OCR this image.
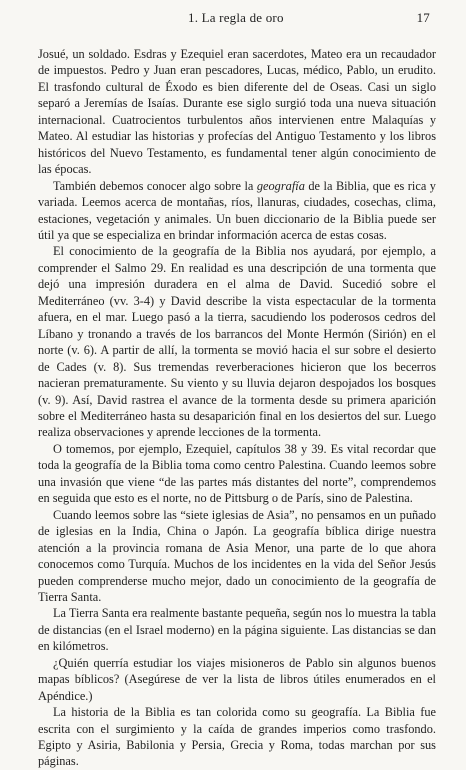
1. La regla de oro	17

Josué, un soldado. Esdras y Ezequiel eran sacerdotes, Mateo era un recaudador de impuestos. Pedro y Juan eran pescadores, Lucas, médico, Pablo, un erudito. El trasfondo cultural de Éxodo es bien diferente del de Oseas. Casi un siglo separó a Jeremías de Isaías. Durante ese siglo surgió toda una nueva situación internacional. Cuatrocientos turbulentos años intervienen entre Malaquías y Mateo. Al estudiar las historias y profecías del Antiguo Testamento y los libros históricos del Nuevo Testamento, es fundamental tener algún conocimiento de las épocas.

También debemos conocer algo sobre la geografía de la Biblia, que es rica y variada. Leemos acerca de montañas, ríos, llanuras, ciudades, cosechas, clima, estaciones, vegetación y animales. Un buen diccionario de la Biblia puede ser útil ya que se especializa en brindar información acerca de estas cosas.

El conocimiento de la geografía de la Biblia nos ayudará, por ejemplo, a comprender el Salmo 29. En realidad es una descripción de una tormenta que dejó una impresión duradera en el alma de David. Sucedió sobre el Mediterráneo (vv. 3-4) y David describe la vista espectacular de la tormenta afuera, en el mar. Luego pasó a la tierra, sacudiendo los poderosos cedros del Líbano y tronando a través de los barrancos del Monte Hermón (Sirión) en el norte (v. 6). A partir de allí, la tormenta se movió hacia el sur sobre el desierto de Cades (v. 8). Sus tremendas reverberaciones hicieron que los becerros nacieran prematuramente. Su viento y su lluvia dejaron despojados los bosques (v. 9). Así, David rastrea el avance de la tormenta desde su primera aparición sobre el Mediterráneo hasta su desaparición final en los desiertos del sur. Luego realiza observaciones y aprende lecciones de la tormenta.

O tomemos, por ejemplo, Ezequiel, capítulos 38 y 39. Es vital recordar que toda la geografía de la Biblia toma como centro Palestina. Cuando leemos sobre una invasión que viene “de las partes más distantes del norte”, comprendemos en seguida que esto es el norte, no de Pittsburg o de París, sino de Palestina.

Cuando leemos sobre las “siete iglesias de Asia”, no pensamos en un puñado de iglesias en la India, China o Japón. La geografía bíblica dirige nuestra atención a la provincia romana de Asia Menor, una parte de lo que ahora conocemos como Turquía. Muchos de los incidentes en la vida del Señor Jesús pueden comprenderse mucho mejor, dado un conocimiento de la geografía de Tierra Santa.

La Tierra Santa era realmente bastante pequeña, según nos lo muestra la tabla de distancias (en el Israel moderno) en la página siguiente. Las distancias se dan en kilómetros.

¿Quién querría estudiar los viajes misioneros de Pablo sin algunos buenos mapas bíblicos? (Asegúrese de ver la lista de libros útiles enumerados en el Apéndice.)

La historia de la Biblia es tan colorida como su geografía. La Biblia fue escrita con el surgimiento y la caída de grandes imperios como trasfondo. Egipto y Asiria, Babilonia y Persia, Grecia y Roma, todas marchan por sus páginas.
